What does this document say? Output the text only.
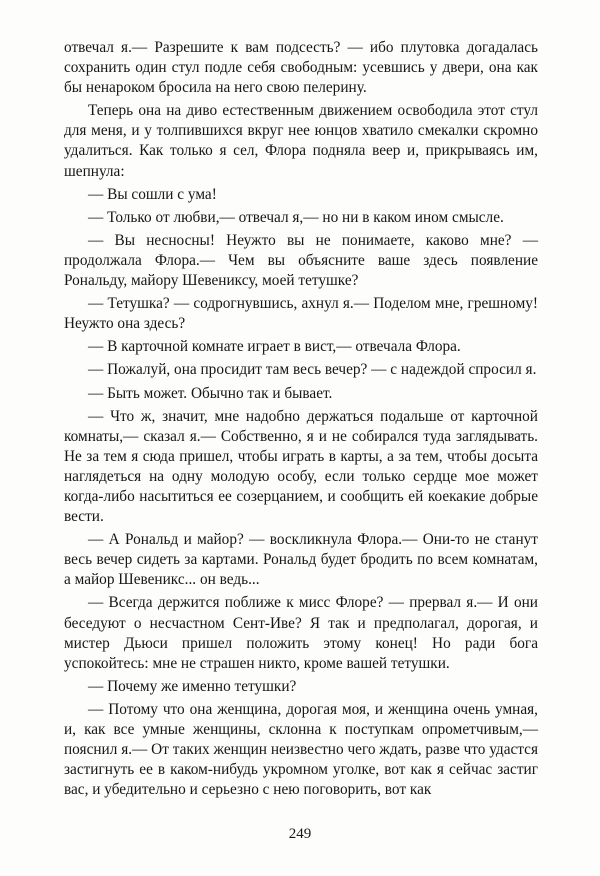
отвечал я.— Разрешите к вам подсесть? — ибо плутовка догадалась сохранить один стул подле себя свободным: усевшись у двери, она как бы ненароком бросила на него свою пелерину.

Теперь она на диво естественным движением освободила этот стул для меня, и у толпившихся вкруг нее юнцов хватило смекалки скромно удалиться. Как только я сел, Флора подняла веер и, прикрываясь им, шепнула:

— Вы сошли с ума!

— Только от любви,— отвечал я,— но ни в каком ином смысле.

— Вы несносны! Неужто вы не понимаете, каково мне? — продолжала Флора.— Чем вы объясните ваше здесь появление Рональду, майору Шевениксу, моей тетушке?

— Тетушка? — содрогнувшись, ахнул я.— Поделом мне, грешному! Неужто она здесь?

— В карточной комнате играет в вист,— отвечала Флора.

— Пожалуй, она просидит там весь вечер? — с надеждой спросил я.

— Быть может. Обычно так и бывает.

— Что ж, значит, мне надобно держаться подальше от карточной комнаты,— сказал я.— Собственно, я и не собирался туда заглядывать. Не за тем я сюда пришел, чтобы играть в карты, а за тем, чтобы досыта наглядеться на одну молодую особу, если только сердце мое может когда-либо насытиться ее созерцанием, и сообщить ей коекакие добрые вести.

— А Рональд и майор? — воскликнула Флора.— Они-то не станут весь вечер сидеть за картами. Рональд будет бродить по всем комнатам, а майор Шевеникс... он ведь...

— Всегда держится поближе к мисс Флоре? — прервал я.— И они беседуют о несчастном Сент-Иве? Я так и предполагал, дорогая, и мистер Дьюси пришел положить этому конец! Но ради бога успокойтесь: мне не страшен никто, кроме вашей тетушки.

— Почему же именно тетушки?

— Потому что она женщина, дорогая моя, и женщина очень умная, и, как все умные женщины, склонна к поступкам опрометчивым,— пояснил я.— От таких женщин неизвестно чего ждать, разве что удастся застигнуть ее в каком-нибудь укромном уголке, вот как я сейчас застиг вас, и убедительно и серьезно с нею поговорить, вот как

249
